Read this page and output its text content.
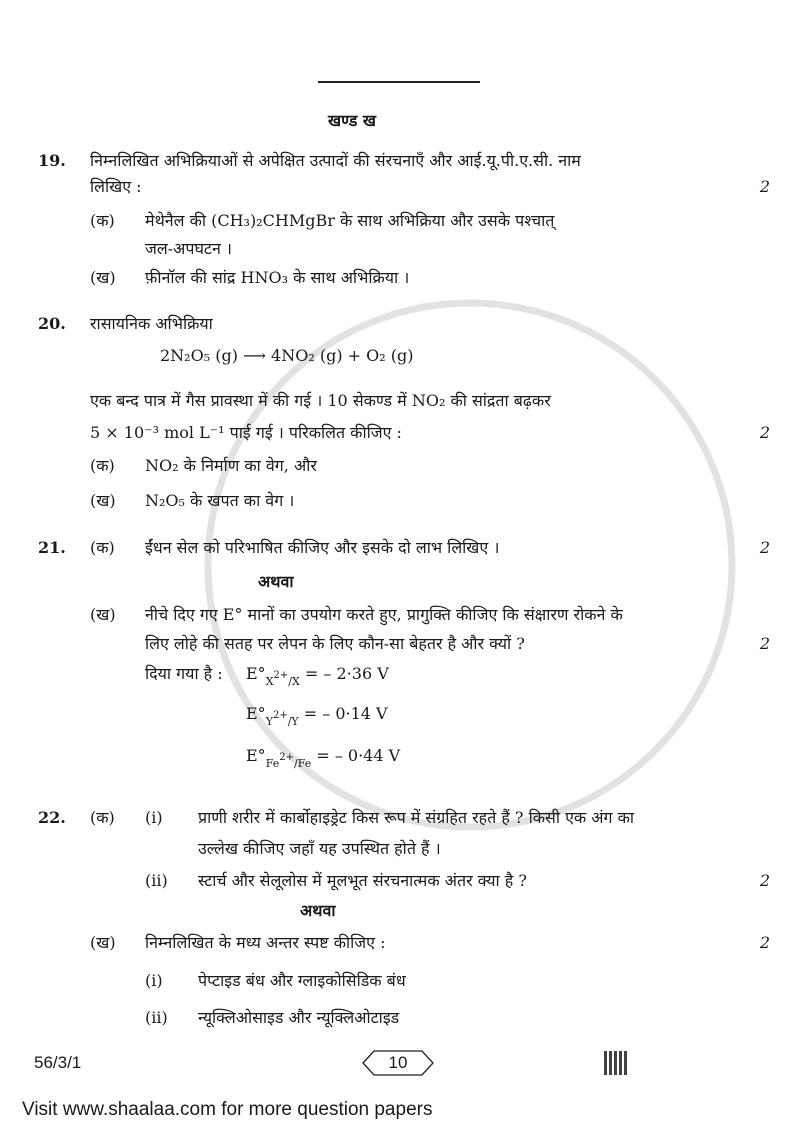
खण्ड ख
19.	निम्नलिखित अभिक्रियाओं से अपेक्षित उत्पादों की संरचनाएँ और आई.यू.पी.ए.सी. नाम
लिखिए :	2
(क)	मेथेनैल की (CH₃)₂CHMgBr के साथ अभिक्रिया और उसके पश्चात्
जल-अपघटन ।
(ख)	फ़ीनॉल की सांद्र HNO₃ के साथ अभिक्रिया ।
20.	रासायनिक अभिक्रिया
2N₂O₅ (g) ⟶ 4NO₂ (g) + O₂ (g)
एक बन्द पात्र में गैस प्रावस्था में की गई । 10 सेकण्ड में NO₂ की सांद्रता बढ़कर
5 × 10⁻³ mol L⁻¹ पाई गई । परिकलित कीजिए :	2
(क)	NO₂ के निर्माण का वेग, और
(ख)	N₂O₅ के खपत का वेग ।
21.	(क)	ईंधन सेल को परिभाषित कीजिए और इसके दो लाभ लिखिए ।	2
अथवा
(ख)	नीचे दिए गए E° मानों का उपयोग करते हुए, प्रागुक्ति कीजिए कि संक्षारण रोकने के
लिए लोहे की सतह पर लेपन के लिए कौन-सा बेहतर है और क्यों ?	2
दिया गया है :	$E^\circ_{X^{2+}/X}$ = – 2·36 V
$E^\circ_{Y^{2+}/Y}$ = – 0·14 V
$E^\circ_{Fe^{2+}/Fe}$ = – 0·44 V
22.	(क)	(i)	प्राणी शरीर में कार्बोहाइड्रेट किस रूप में संग्रहित रहते हैं ? किसी एक अंग का
उल्लेख कीजिए जहाँ यह उपस्थित होते हैं ।
(ii)	स्टार्च और सेलूलोस में मूलभूत संरचनात्मक अंतर क्या है ?	2
अथवा
(ख)	निम्नलिखित के मध्य अन्तर स्पष्ट कीजिए :	2
(i)	पेप्टाइड बंध और ग्लाइकोसिडिक बंध
(ii)	न्यूक्लिओसाइड और न्यूक्लिओटाइड
56/3/1	10
Visit www.shaalaa.com for more question papers
